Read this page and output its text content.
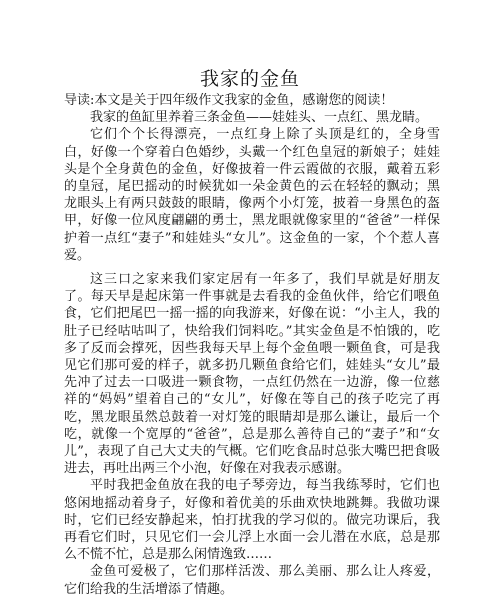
我家的金鱼

导读:本文是关于四年级作文我家的金鱼，感谢您的阅读！

我家的鱼缸里养着三条金鱼——娃娃头、一点红、黑龙睛。

它们个个长得漂亮，一点红身上除了头顶是红的，全身雪白，好像一个穿着白色婚纱，头戴一个红色皇冠的新娘子；娃娃头是个全身黄色的金鱼，好像披着一件云霞做的衣服，戴着五彩的皇冠，尾巴摇动的时候犹如一朵金黄色的云在轻轻的飘动；黑龙眼头上有两只鼓鼓的眼睛，像两个小灯笼，披着一身黑色的盔甲，好像一位风度翩翩的勇士，黑龙眼就像家里的“爸爸”一样保护着一点红“妻子”和娃娃头“女儿”。这金鱼的一家，个个惹人喜爱。

这三口之家来我们家定居有一年多了，我们早就是好朋友了。每天早是起床第一件事就是去看我的金鱼伙伴，给它们喂鱼食，它们把尾巴一摇一摇的向我游来，好像在说：“小主人，我的肚子已经咕咕叫了，快给我们饲料吃。”其实金鱼是不怕饿的，吃多了反而会撑死，因些我每天早上每个金鱼喂一颗鱼食，可是我见它们那可爱的样子，就多扔几颗鱼食给它们，娃娃头“女儿”最先冲了过去一口吸进一颗食物，一点红仍然在一边游，像一位慈祥的“妈妈”望着自己的“女儿”，好像在等自己的孩子吃完了再吃，黑龙眼虽然总鼓着一对灯笼的眼睛却是那么谦让，最后一个吃，就像一个宽厚的“爸爸”，总是那么善待自己的“妻子”和“女儿”，表现了自己大丈夫的气概。它们吃食品时总张大嘴巴把食吸进去，再吐出两三个小泡，好像在对我表示感谢。

平时我把金鱼放在我的电子琴旁边，每当我练琴时，它们也悠闲地摇动着身子，好像和着优美的乐曲欢快地跳舞。我做功课时，它们已经安静起来，怕打扰我的学习似的。做完功课后，我再看它们时，只见它们一会儿浮上水面一会儿潜在水底，总是那么不慌不忙，总是那么闲情逸致……

金鱼可爱极了，它们那样活泼、那么美丽、那么让人疼爱，它们给我的生活增添了情趣。
